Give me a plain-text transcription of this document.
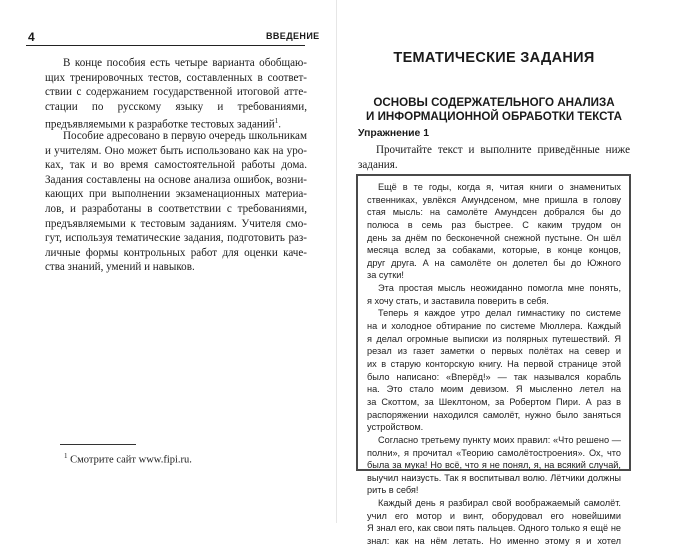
4	ВВЕДЕНИЕ
В конце пособия есть четыре варианта обобщаю-
щих тренировочных тестов, составленных в соответ-
ствии с содержанием государственной итоговой атте-
стации по русскому языку и требованиями,
предъявляемыми к разработке тестовых заданий$^1$.
Пособие адресовано в первую очередь школьникам
и учителям. Оно может быть использовано как на уро-
ках, так и во время самостоятельной работы дома.
Задания составлены на основе анализа ошибок, возни-
кающих при выполнении экзаменационных материа-
лов, и разработаны в соответствии с требованиями,
предъявляемыми к тестовым заданиям. Учителя смо-
гут, используя тематические задания, подготовить раз-
личные формы контрольных работ для оценки каче-
ства знаний, умений и навыков.
$^1$ Смотрите сайт www.fipi.ru.
ТЕМАТИЧЕСКИЕ ЗАДАНИЯ
ОСНОВЫ СОДЕРЖАТЕЛЬНОГО АНАЛИЗА
И ИНФОРМАЦИОННОЙ ОБРАБОТКИ ТЕКСТА
Упражнение 1
Прочитайте текст и выполните приведённые ниже
задания.
Ещё в те годы, когда я, читая книги о знаменитых
ственниках, увлёкся Амундсеном, мне пришла в голову
стая мысль: на самолёте Амундсен добрался бы до
полюса в семь раз быстрее. С каким трудом он
день за днём по бесконечной снежной пустыне. Он шёл
месяца вслед за собаками, которые, в конце концов,
друг друга. А на самолёте он долетел бы до Южного
за сутки!
Эта простая мысль неожиданно помогла мне понять,
я хочу стать, и заставила поверить в себя.
Теперь я каждое утро делал гимнастику по системе
на и холодное обтирание по системе Мюллера. Каждый
я делал огромные выписки из полярных путешествий. Я
резал из газет заметки о первых полётах на север и
их в старую конторскую книгу. На первой странице этой
было написано: «Вперёд!» — так назывался корабль
на. Это стало моим девизом. Я мысленно летел на
за Скоттом, за Шеклтоном, за Робертом Пири. А раз в
распоряжении находился самолёт, нужно было заняться
устройством.
Согласно третьему пункту моих правил: «Что решено —
полни», я прочитал «Теорию самолётостроения». Ох, что
была за мука! Но всё, что я не понял, я, на всякий случай,
выучил наизусть. Так я воспитывал волю. Лётчики должны
рить в себя!
Каждый день я разбирал свой воображаемый самолёт.
учил его мотор и винт, оборудовал его новейшими
Я знал его, как свои пять пальцев. Одного только я ещё не
знал: как на нём летать. Но именно этому я и хотел
